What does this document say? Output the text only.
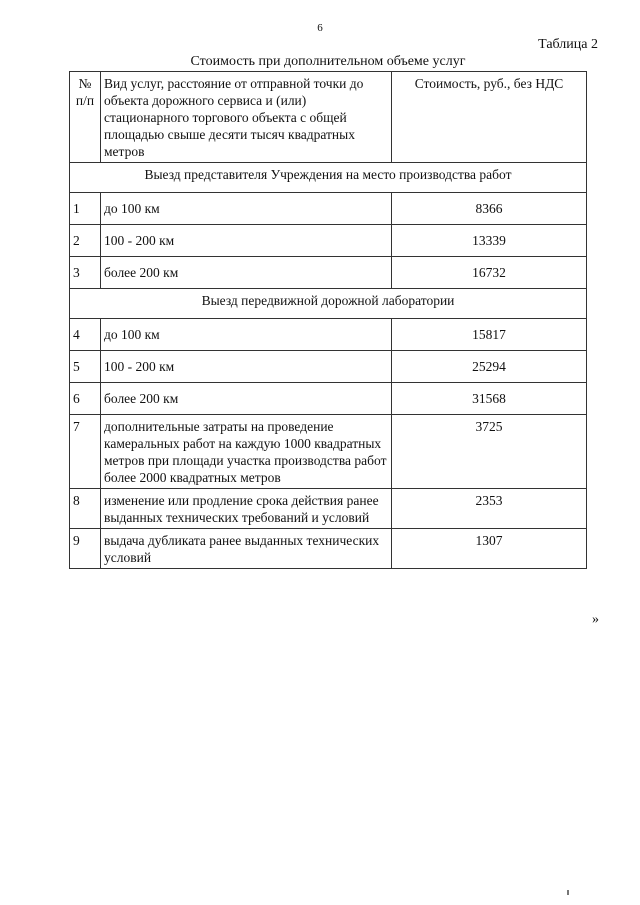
6
Таблица 2
Стоимость при дополнительном объеме услуг
№ п/п	Вид услуг, расстояние от отправной точки до объекта дорожного сервиса и (или) стационарного торгового объекта с общей площадью свыше десяти тысяч квадратных метров	Стоимость, руб., без НДС
Выезд представителя Учреждения на место производства работ		
1	до 100 км	8366
2	100 - 200 км	13339
3	более 200 км	16732
Выезд передвижной дорожной лаборатории		
4	до 100 км	15817
5	100 - 200 км	25294
6	более 200 км	31568
7	дополнительные затраты на проведение камеральных работ на каждую 1000 квадратных метров при площади участка производства работ более 2000 квадратных метров	3725
8	изменение или продление срока действия ранее выданных технических требований и условий	2353
9	выдача дубликата ранее выданных технических условий	1307
»
